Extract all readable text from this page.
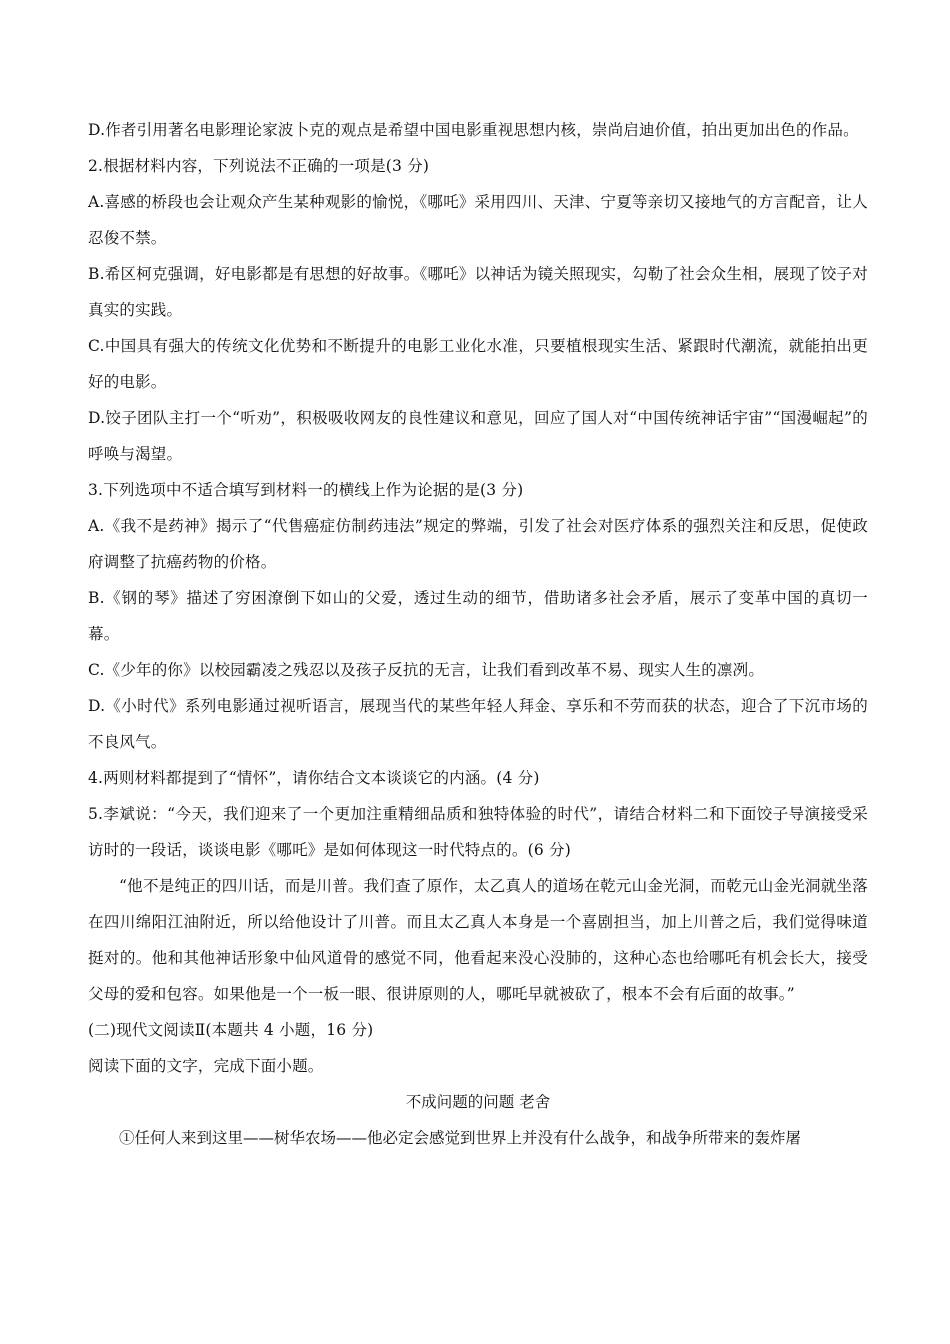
D.作者引用著名电影理论家波卜克的观点是希望中国电影重视思想内核，崇尚启迪价值，拍出更加出色的作品。
2.根据材料内容，下列说法不正确的一项是(3 分)
A.喜感的桥段也会让观众产生某种观影的愉悦，《哪吒》采用四川、天津、宁夏等亲切又接地气的方言配音，让人忍俊不禁。
B.希区柯克强调，好电影都是有思想的好故事。《哪吒》以神话为镜关照现实，勾勒了社会众生相，展现了饺子对真实的实践。
C.中国具有强大的传统文化优势和不断提升的电影工业化水准，只要植根现实生活、紧跟时代潮流，就能拍出更好的电影。
D.饺子团队主打一个“听劝”，积极吸收网友的良性建议和意见，回应了国人对“中国传统神话宇宙”“国漫崛起”的呼唤与渴望。
3.下列选项中不适合填写到材料一的横线上作为论据的是(3 分)
A.《我不是药神》揭示了“代售癌症仿制药违法”规定的弊端，引发了社会对医疗体系的强烈关注和反思，促使政府调整了抗癌药物的价格。
B.《钢的琴》描述了穷困潦倒下如山的父爱，透过生动的细节，借助诸多社会矛盾，展示了变革中国的真切一幕。
C.《少年的你》以校园霸凌之残忍以及孩子反抗的无言，让我们看到改革不易、现实人生的凛冽。
D.《小时代》系列电影通过视听语言，展现当代的某些年轻人拜金、享乐和不劳而获的状态，迎合了下沉市场的不良风气。
4.两则材料都提到了“情怀”，请你结合文本谈谈它的内涵。(4 分)
5.李斌说：“今天，我们迎来了一个更加注重精细品质和独特体验的时代”，请结合材料二和下面饺子导演接受采访时的一段话，谈谈电影《哪吒》是如何体现这一时代特点的。(6 分)
“他不是纯正的四川话，而是川普。我们查了原作，太乙真人的道场在乾元山金光洞，而乾元山金光洞就坐落在四川绵阳江油附近，所以给他设计了川普。而且太乙真人本身是一个喜剧担当，加上川普之后，我们觉得味道挺对的。他和其他神话形象中仙风道骨的感觉不同，他看起来没心没肺的，这种心态也给哪吒有机会长大，接受父母的爱和包容。如果他是一个一板一眼、很讲原则的人，哪吒早就被砍了，根本不会有后面的故事。”
(二)现代文阅读Ⅱ(本题共 4 小题，16 分)
阅读下面的文字，完成下面小题。
不成问题的问题 老舍
①任何人来到这里——树华农场——他必定会感觉到世界上并没有什么战争，和战争所带来的轰炸屠
